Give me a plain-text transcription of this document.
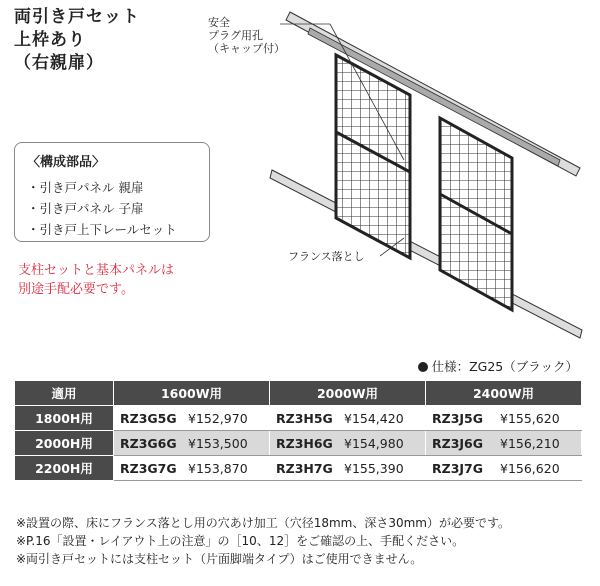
両引き戸セット
上枠あり
（右親扉）
安全
プラグ用孔
（キャップ付）
フランス落とし
〈構成部品〉
・引き戸パネル 親扉
・引き戸パネル 子扉
・引き戸上下レールセット
支柱セットと基本パネルは
別途手配必要です。
仕様：ZG25（ブラック）
適用	1600W用	2000W用	2400W用
1800H用	RZ3G5G ¥152,970	RZ3H5G ¥154,420	RZ3J5G ¥155,620
2000H用	RZ3G6G ¥153,500	RZ3H6G ¥154,980	RZ3J6G ¥156,210
2200H用	RZ3G7G ¥153,870	RZ3H7G ¥155,390	RZ3J7G ¥156,620
※設置の際、床にフランス落とし用の穴あけ加工（穴径18mm、深さ30mm）が必要です。
※P.16「設置・レイアウト上の注意」の［10、12］をご確認の上、手配ください。
※両引き戸セットには支柱セット（片面脚端タイプ）はご使用できません。
